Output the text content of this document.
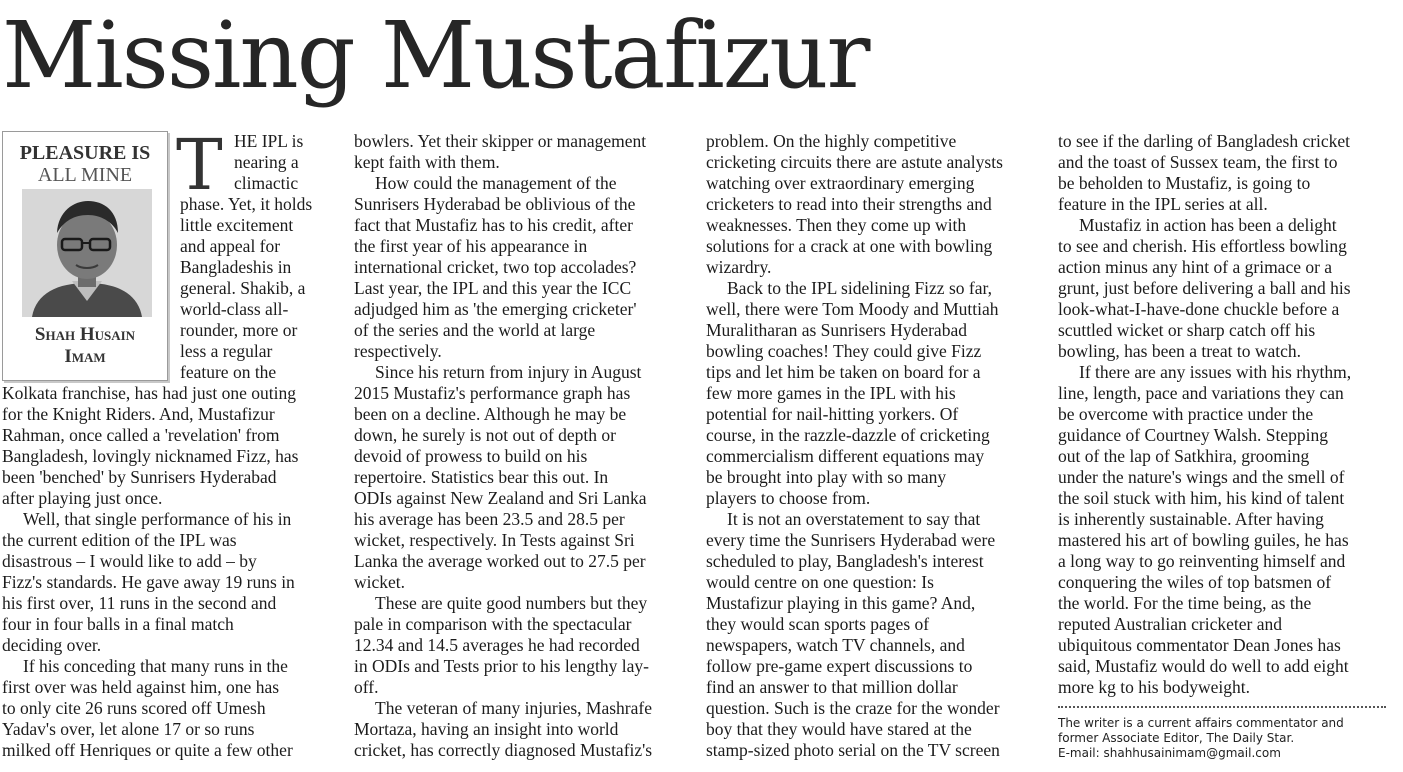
Missing Mustafizur
PLEASURE IS
ALL MINE
Shah Husain
Imam
T HE IPL is
nearing a
climactic
phase. Yet, it holds
little excitement
and appeal for
Bangladeshis in
general. Shakib, a
world-class all-
rounder, more or
less a regular
feature on the
Kolkata franchise, has had just one outing
for the Knight Riders. And, Mustafizur
Rahman, once called a 'revelation' from
Bangladesh, lovingly nicknamed Fizz, has
been 'benched' by Sunrisers Hyderabad
after playing just once.
Well, that single performance of his in
the current edition of the IPL was
disastrous – I would like to add – by
Fizz's standards. He gave away 19 runs in
his first over, 11 runs in the second and
four in four balls in a final match
deciding over.
If his conceding that many runs in the
first over was held against him, one has
to only cite 26 runs scored off Umesh
Yadav's over, let alone 17 or so runs
milked off Henriques or quite a few other
bowlers. Yet their skipper or management
kept faith with them.
How could the management of the
Sunrisers Hyderabad be oblivious of the
fact that Mustafiz has to his credit, after
the first year of his appearance in
international cricket, two top accolades?
Last year, the IPL and this year the ICC
adjudged him as 'the emerging cricketer'
of the series and the world at large
respectively.
Since his return from injury in August
2015 Mustafiz's performance graph has
been on a decline. Although he may be
down, he surely is not out of depth or
devoid of prowess to build on his
repertoire. Statistics bear this out. In
ODIs against New Zealand and Sri Lanka
his average has been 23.5 and 28.5 per
wicket, respectively. In Tests against Sri
Lanka the average worked out to 27.5 per
wicket.
These are quite good numbers but they
pale in comparison with the spectacular
12.34 and 14.5 averages he had recorded
in ODIs and Tests prior to his lengthy lay-
off.
The veteran of many injuries, Mashrafe
Mortaza, having an insight into world
cricket, has correctly diagnosed Mustafiz's
problem. On the highly competitive
cricketing circuits there are astute analysts
watching over extraordinary emerging
cricketers to read into their strengths and
weaknesses. Then they come up with
solutions for a crack at one with bowling
wizardry.
Back to the IPL sidelining Fizz so far,
well, there were Tom Moody and Muttiah
Muralitharan as Sunrisers Hyderabad
bowling coaches! They could give Fizz
tips and let him be taken on board for a
few more games in the IPL with his
potential for nail-hitting yorkers. Of
course, in the razzle-dazzle of cricketing
commercialism different equations may
be brought into play with so many
players to choose from.
It is not an overstatement to say that
every time the Sunrisers Hyderabad were
scheduled to play, Bangladesh's interest
would centre on one question: Is
Mustafizur playing in this game? And,
they would scan sports pages of
newspapers, watch TV channels, and
follow pre-game expert discussions to
find an answer to that million dollar
question. Such is the craze for the wonder
boy that they would have stared at the
stamp-sized photo serial on the TV screen
to see if the darling of Bangladesh cricket
and the toast of Sussex team, the first to
be beholden to Mustafiz, is going to
feature in the IPL series at all.
Mustafiz in action has been a delight
to see and cherish. His effortless bowling
action minus any hint of a grimace or a
grunt, just before delivering a ball and his
look-what-I-have-done chuckle before a
scuttled wicket or sharp catch off his
bowling, has been a treat to watch.
If there are any issues with his rhythm,
line, length, pace and variations they can
be overcome with practice under the
guidance of Courtney Walsh. Stepping
out of the lap of Satkhira, grooming
under the nature's wings and the smell of
the soil stuck with him, his kind of talent
is inherently sustainable. After having
mastered his art of bowling guiles, he has
a long way to go reinventing himself and
conquering the wiles of top batsmen of
the world. For the time being, as the
reputed Australian cricketer and
ubiquitous commentator Dean Jones has
said, Mustafiz would do well to add eight
more kg to his bodyweight.
The writer is a current affairs commentator and
former Associate Editor, The Daily Star.
E-mail: shahhusainimam@gmail.com
